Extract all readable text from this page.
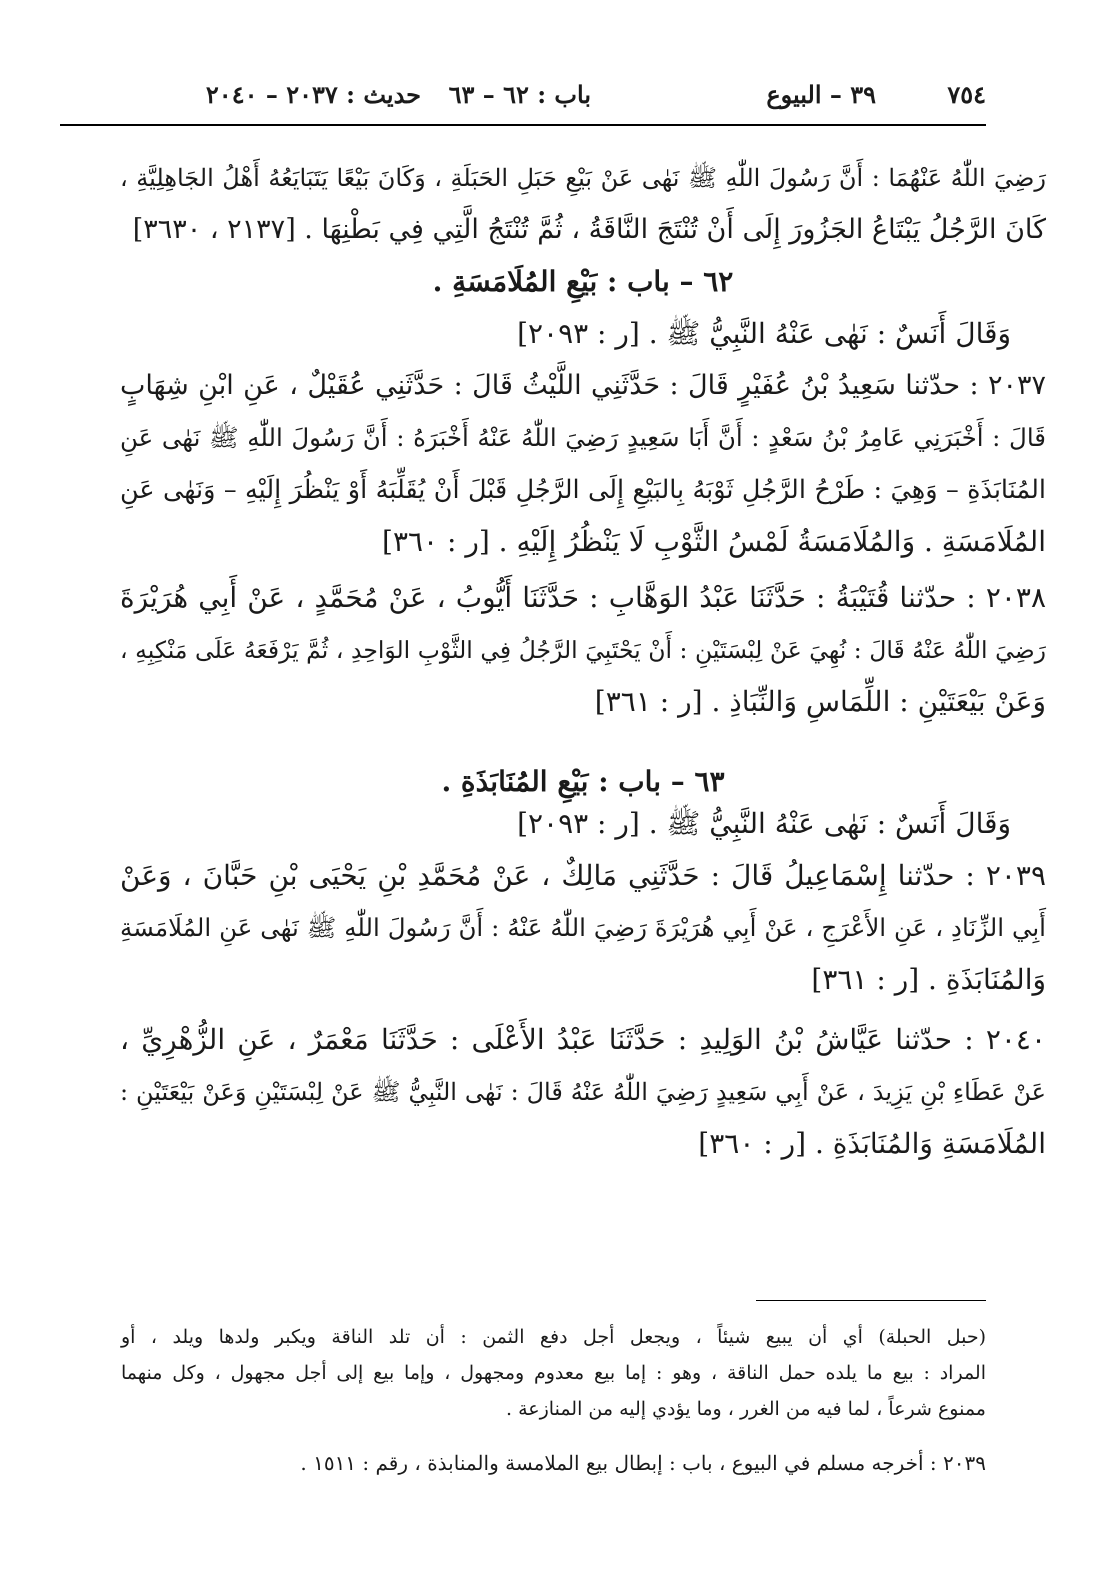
٧٥٤
٣٩ – البيوع
باب : ٦٢ – ٦٣
حديث : ٢٠٣٧ – ٢٠٤٠
رَضِيَ اللّٰهُ عَنْهُمَا : أَنَّ رَسُولَ اللّٰهِ ﷺ نَهٰى عَنْ بَيْعِ حَبَلِ الحَبَلَةِ ، وَكَانَ بَيْعًا يَتَبَايَعُهُ أَهْلُ الجَاهِلِيَّةِ ،
كَانَ الرَّجُلُ يَبْتَاعُ الجَزُورَ إِلَى أَنْ تُنْتَجَ النَّاقَةُ ، ثُمَّ تُنْتَجُ الَّتِي فِي بَطْنِهَا . [٢١٣٧ ، ٣٦٣٠]
٦٢ – باب : بَيْعِ المُلَامَسَةِ .
وَقَالَ أَنَسٌ : نَهٰى عَنْهُ النَّبِيُّ ﷺ . [ر : ٢٠٩٣]
٢٠٣٧ : حدّثنا سَعِيدُ بْنُ عُفَيْرٍ قَالَ : حَدَّثَنِي اللَّيْثُ قَالَ : حَدَّثَنِي عُقَيْلٌ ، عَنِ ابْنِ شِهَابٍ
قَالَ : أَخْبَرَنِي عَامِرُ بْنُ سَعْدٍ : أَنَّ أَبَا سَعِيدٍ رَضِيَ اللّٰهُ عَنْهُ أَخْبَرَهُ : أَنَّ رَسُولَ اللّٰهِ ﷺ نَهٰى عَنِ
المُنَابَذَةِ – وَهِيَ : طَرْحُ الرَّجُلِ ثَوْبَهُ بِالبَيْعِ إِلَى الرَّجُلِ قَبْلَ أَنْ يُقَلِّبَهُ أَوْ يَنْظُرَ إِلَيْهِ – وَنَهٰى عَنِ
المُلَامَسَةِ . وَالمُلَامَسَةُ لَمْسُ الثَّوْبِ لَا يَنْظُرُ إِلَيْهِ . [ر : ٣٦٠]
٢٠٣٨ : حدّثنا قُتَيْبَةُ : حَدَّثَنَا عَبْدُ الوَهَّابِ : حَدَّثَنَا أَيُّوبُ ، عَنْ مُحَمَّدٍ ، عَنْ أَبِي هُرَيْرَةَ
رَضِيَ اللّٰهُ عَنْهُ قَالَ : نُهِيَ عَنْ لِبْسَتَيْنِ : أَنْ يَحْتَبِيَ الرَّجُلُ فِي الثَّوْبِ الوَاحِدِ ، ثُمَّ يَرْفَعَهُ عَلَى مَنْكِبِهِ ،
وَعَنْ بَيْعَتَيْنِ : اللِّمَاسِ وَالنِّبَاذِ . [ر : ٣٦١]
٦٣ – باب : بَيْعِ المُنَابَذَةِ .
وَقَالَ أَنَسٌ : نَهٰى عَنْهُ النَّبِيُّ ﷺ . [ر : ٢٠٩٣]
٢٠٣٩ : حدّثنا إِسْمَاعِيلُ قَالَ : حَدَّثَنِي مَالِكٌ ، عَنْ مُحَمَّدِ بْنِ يَحْيَى بْنِ حَبَّانَ ، وَعَنْ
أَبِي الزِّنَادِ ، عَنِ الأَعْرَجِ ، عَنْ أَبِي هُرَيْرَةَ رَضِيَ اللّٰهُ عَنْهُ : أَنَّ رَسُولَ اللّٰهِ ﷺ نَهٰى عَنِ المُلَامَسَةِ
وَالمُنَابَذَةِ . [ر : ٣٦١]
٢٠٤٠ : حدّثنا عَيَّاشُ بْنُ الوَلِيدِ : حَدَّثَنَا عَبْدُ الأَعْلَى : حَدَّثَنَا مَعْمَرٌ ، عَنِ الزُّهْرِيِّ ،
عَنْ عَطَاءِ بْنِ يَزِيدَ ، عَنْ أَبِي سَعِيدٍ رَضِيَ اللّٰهُ عَنْهُ قَالَ : نَهٰى النَّبِيُّ ﷺ عَنْ لِبْسَتَيْنِ وَعَنْ بَيْعَتَيْنِ :
المُلَامَسَةِ وَالمُنَابَذَةِ . [ر : ٣٦٠]
(حبل الحبلة) أي أن يبيع شيئاً ، ويجعل أجل دفع الثمن : أن تلد الناقة ويكبر ولدها ويلد ، أو
المراد : بيع ما يلده حمل الناقة ، وهو : إما بيع معدوم ومجهول ، وإما بيع إلى أجل مجهول ، وكل منهما
ممنوع شرعاً ، لما فيه من الغرر ، وما يؤدي إليه من المنازعة .
٢٠٣٩ : أخرجه مسلم في البيوع ، باب : إبطال بيع الملامسة والمنابذة ، رقم : ١٥١١ .
